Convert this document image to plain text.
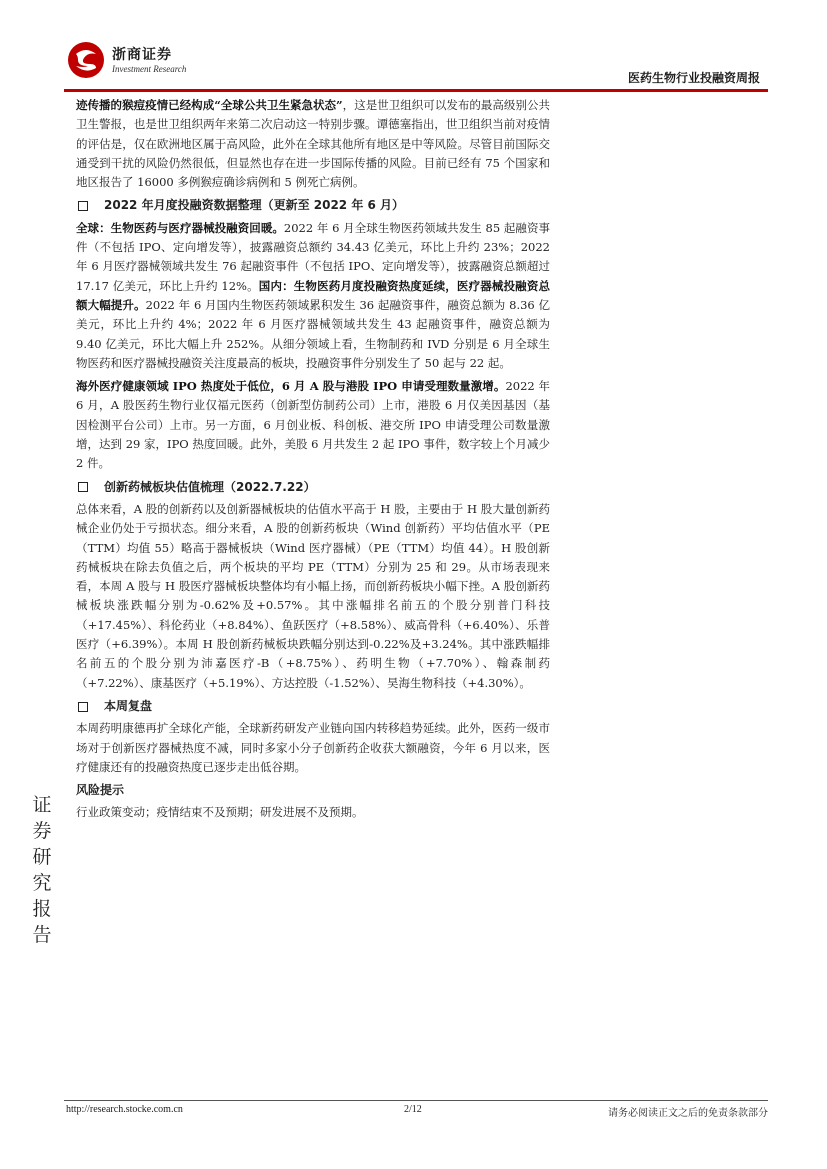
浙商证券
Investment Research
医药生物行业投融资周报

迹传播的猴痘疫情已经构成“全球公共卫生紧急状态”，这是世卫组织可以发布的最高级别公共卫生警报，也是世卫组织两年来第二次启动这一特别步骤。谭德塞指出，世卫组织当前对疫情的评估是，仅在欧洲地区属于高风险，此外在全球其他所有地区是中等风险。尽管目前国际交通受到干扰的风险仍然很低，但显然也存在进一步国际传播的风险。目前已经有 75 个国家和地区报告了 16000 多例猴痘确诊病例和 5 例死亡病例。

2022 年月度投融资数据整理（更新至 2022 年 6 月）

全球：生物医药与医疗器械投融资回暖。2022 年 6 月全球生物医药领域共发生 85 起融资事件（不包括 IPO、定向增发等），披露融资总额约 34.43 亿美元，环比上升约 23%；2022 年 6 月医疗器械领域共发生 76 起融资事件（不包括 IPO、定向增发等），披露融资总额超过 17.17 亿美元，环比上升约 12%。国内：生物医药月度投融资热度延续，医疗器械投融资总额大幅提升。2022 年 6 月国内生物医药领域累积发生 36 起融资事件，融资总额为 8.36 亿美元，环比上升约 4%；2022 年 6 月医疗器械领域共发生 43 起融资事件，融资总额为 9.40 亿美元，环比大幅上升 252%。从细分领域上看，生物制药和 IVD 分别是 6 月全球生物医药和医疗器械投融资关注度最高的板块，投融资事件分别发生了 50 起与 22 起。

海外医疗健康领域 IPO 热度处于低位，6 月 A 股与港股 IPO 申请受理数量激增。2022 年 6 月，A 股医药生物行业仅福元医药（创新型仿制药公司）上市，港股 6 月仅美因基因（基因检测平台公司）上市。另一方面，6 月创业板、科创板、港交所 IPO 申请受理公司数量激增，达到 29 家，IPO 热度回暖。此外，美股 6 月共发生 2 起 IPO 事件，数字较上个月减少 2 件。

创新药械板块估值梳理（2022.7.22）

总体来看，A 股的创新药以及创新器械板块的估值水平高于 H 股，主要由于 H 股大量创新药械企业仍处于亏损状态。细分来看，A 股的创新药板块（Wind 创新药）平均估值水平（PE（TTM）均值 55）略高于器械板块（Wind 医疗器械）（PE（TTM）均值 44）。H 股创新药械板块在除去负值之后，两个板块的平均 PE（TTM）分别为 25 和 29。从市场表现来看，本周 A 股与 H 股医疗器械板块整体均有小幅上扬，而创新药板块小幅下挫。A 股创新药械板块涨跌幅分别为-0.62%及+0.57%。其中涨幅排名前五的个股分别普门科技（+17.45%）、科伦药业（+8.84%）、鱼跃医疗（+8.58%）、威高骨科（+6.40%）、乐普医疗（+6.39%）。本周 H 股创新药械板块跌幅分别达到-0.22%及+3.24%。其中涨跌幅排名前五的个股分别为沛嘉医疗-B（+8.75%）、药明生物（+7.70%）、翰森制药（+7.22%）、康基医疗（+5.19%）、方达控股（-1.52%）、昊海生物科技（+4.30%）。

本周复盘

本周药明康德再扩全球化产能，全球新药研发产业链向国内转移趋势延续。此外，医药一级市场对于创新医疗器械热度不减，同时多家小分子创新药企收获大额融资，今年 6 月以来，医疗健康还有的投融资热度已逐步走出低谷期。

风险提示

行业政策变动；疫情结束不及预期；研发进展不及预期。

证
券
研
究
报
告
http://research.stocke.com.cn	2/12	请务必阅读正文之后的免责条款部分
